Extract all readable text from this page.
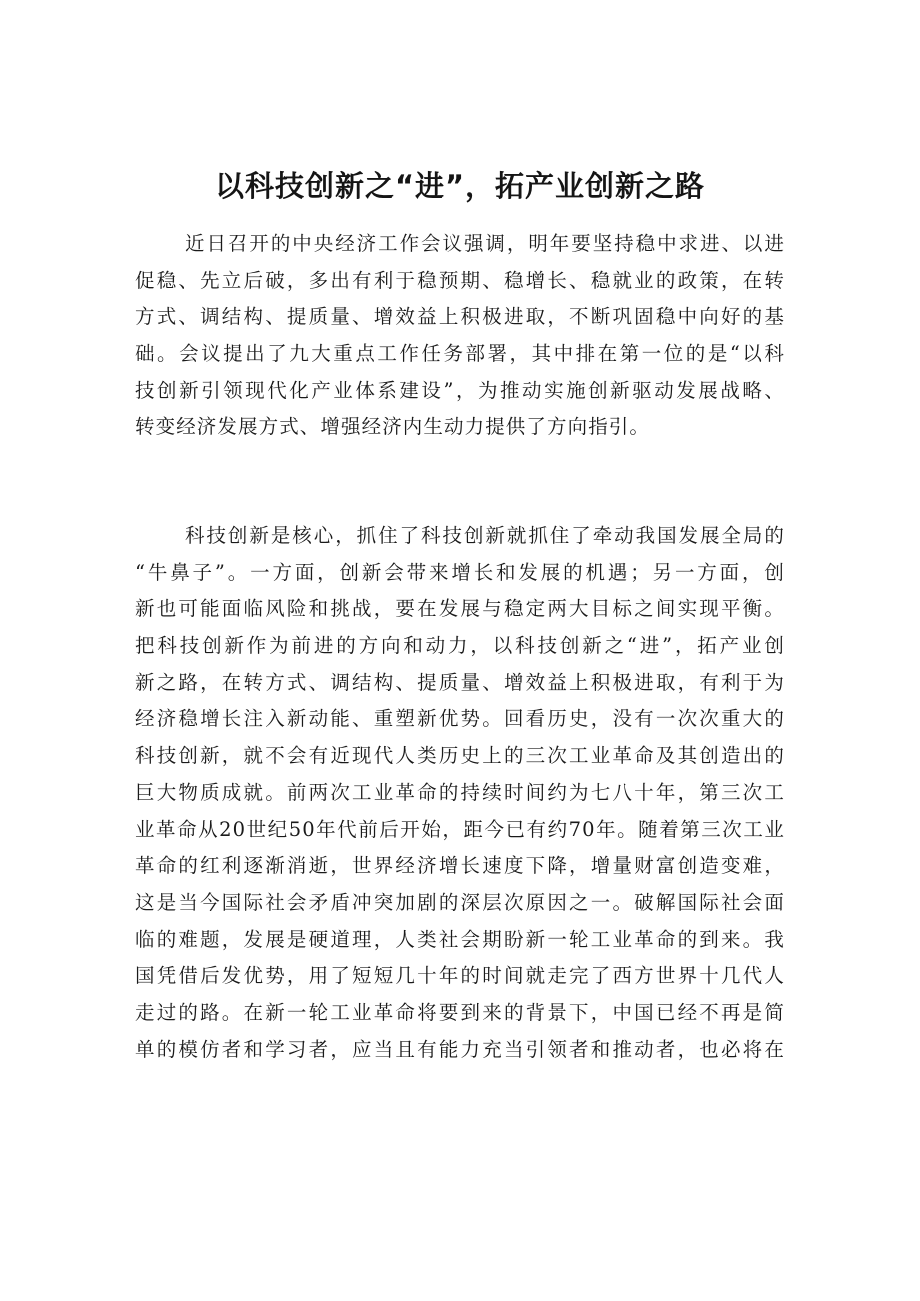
以科技创新之“进”，拓产业创新之路
近日召开的中央经济工作会议强调，明年要坚持稳中求进、以进
促稳、先立后破，多出有利于稳预期、稳增长、稳就业的政策，在转
方式、调结构、提质量、增效益上积极进取，不断巩固稳中向好的基
础。会议提出了九大重点工作任务部署，其中排在第一位的是“以科
技创新引领现代化产业体系建设”，为推动实施创新驱动发展战略、
转变经济发展方式、增强经济内生动力提供了方向指引。
科技创新是核心，抓住了科技创新就抓住了牵动我国发展全局的
“牛鼻子”。一方面，创新会带来增长和发展的机遇；另一方面，创
新也可能面临风险和挑战，要在发展与稳定两大目标之间实现平衡。
把科技创新作为前进的方向和动力，以科技创新之“进”，拓产业创
新之路，在转方式、调结构、提质量、增效益上积极进取，有利于为
经济稳增长注入新动能、重塑新优势。回看历史，没有一次次重大的
科技创新，就不会有近现代人类历史上的三次工业革命及其创造出的
巨大物质成就。前两次工业革命的持续时间约为七八十年，第三次工
业革命从20世纪50年代前后开始，距今已有约70年。随着第三次工业
革命的红利逐渐消逝，世界经济增长速度下降，增量财富创造变难，
这是当今国际社会矛盾冲突加剧的深层次原因之一。破解国际社会面
临的难题，发展是硬道理，人类社会期盼新一轮工业革命的到来。我
国凭借后发优势，用了短短几十年的时间就走完了西方世界十几代人
走过的路。在新一轮工业革命将要到来的背景下，中国已经不再是简
单的模仿者和学习者，应当且有能力充当引领者和推动者，也必将在
